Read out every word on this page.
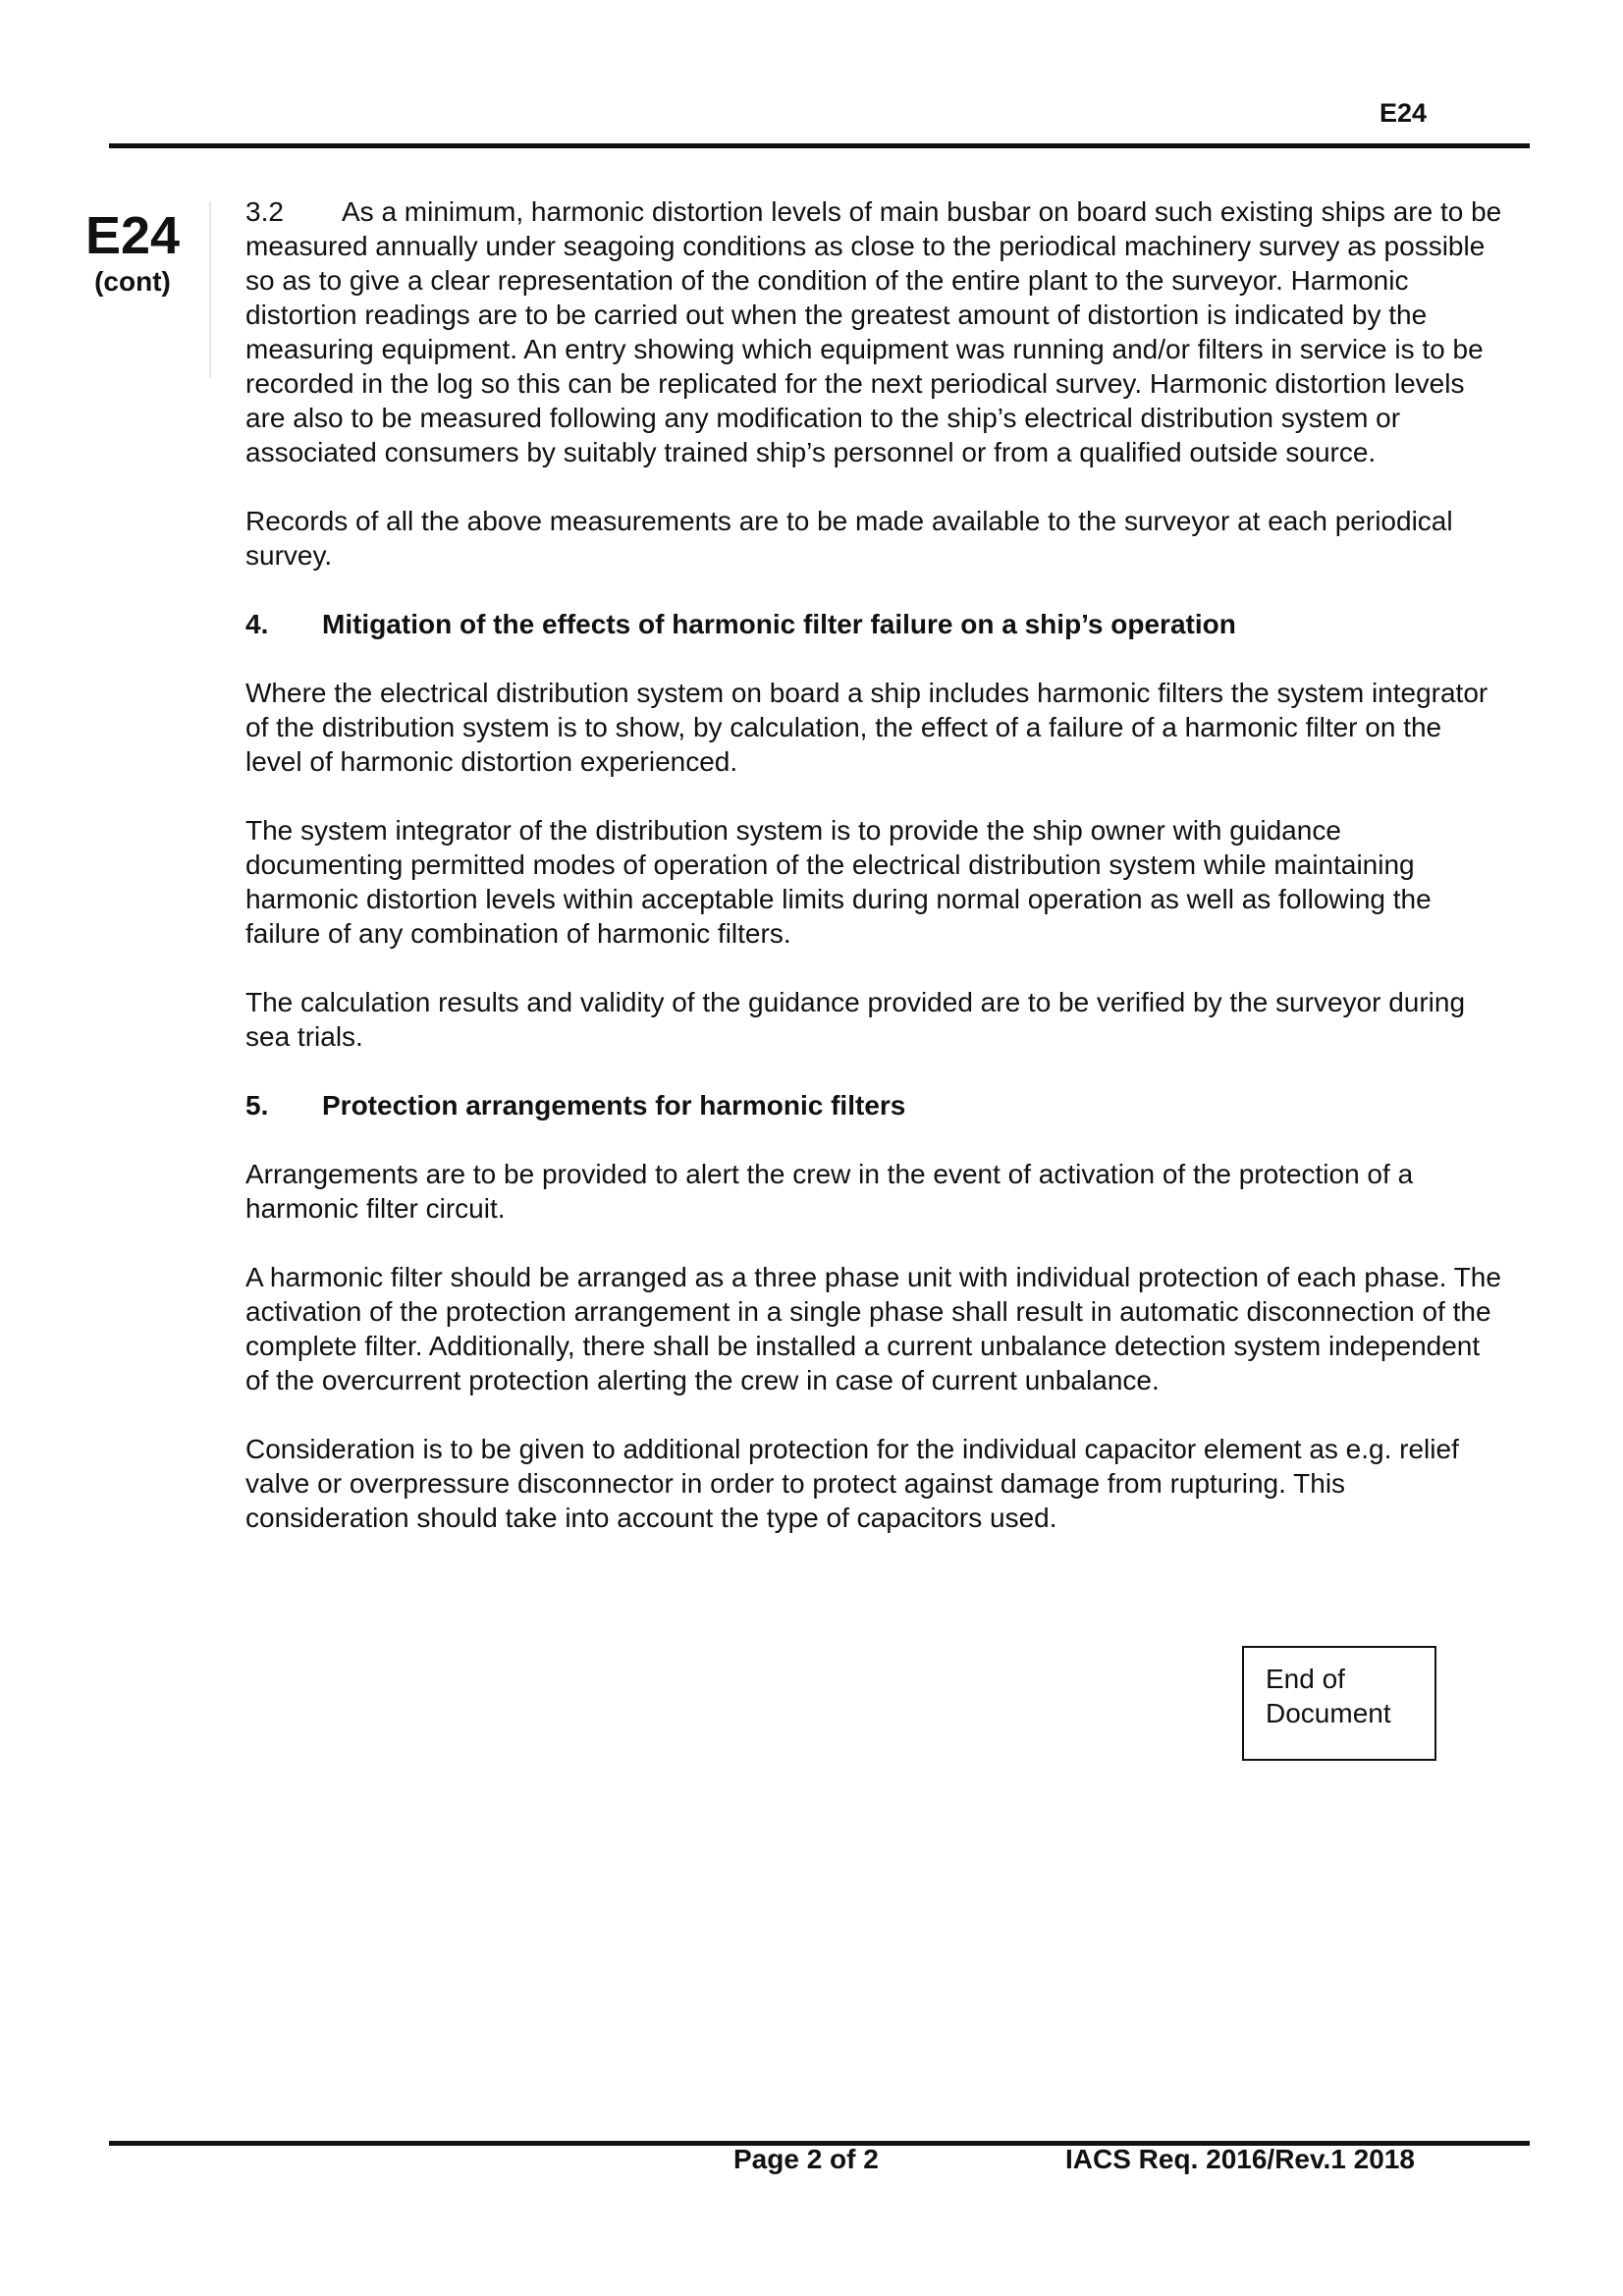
E24
E24
(cont)

3.2 As a minimum, harmonic distortion levels of main busbar on board such existing ships are to be measured annually under seagoing conditions as close to the periodical machinery survey as possible so as to give a clear representation of the condition of the entire plant to the surveyor. Harmonic distortion readings are to be carried out when the greatest amount of distortion is indicated by the measuring equipment. An entry showing which equipment was running and/or filters in service is to be recorded in the log so this can be replicated for the next periodical survey. Harmonic distortion levels are also to be measured following any modification to the ship’s electrical distribution system or associated consumers by suitably trained ship’s personnel or from a qualified outside source.

Records of all the above measurements are to be made available to the surveyor at each periodical survey.

4. Mitigation of the effects of harmonic filter failure on a ship’s operation

Where the electrical distribution system on board a ship includes harmonic filters the system integrator of the distribution system is to show, by calculation, the effect of a failure of a harmonic filter on the level of harmonic distortion experienced.

The system integrator of the distribution system is to provide the ship owner with guidance documenting permitted modes of operation of the electrical distribution system while maintaining harmonic distortion levels within acceptable limits during normal operation as well as following the failure of any combination of harmonic filters.

The calculation results and validity of the guidance provided are to be verified by the surveyor during sea trials.

5. Protection arrangements for harmonic filters

Arrangements are to be provided to alert the crew in the event of activation of the protection of a harmonic filter circuit.

A harmonic filter should be arranged as a three phase unit with individual protection of each phase. The activation of the protection arrangement in a single phase shall result in automatic disconnection of the complete filter. Additionally, there shall be installed a current unbalance detection system independent of the overcurrent protection alerting the crew in case of current unbalance.

Consideration is to be given to additional protection for the individual capacitor element as e.g. relief valve or overpressure disconnector in order to protect against damage from rupturing. This consideration should take into account the type of capacitors used.

End of
Document
Page 2 of 2	IACS Req. 2016/Rev.1 2018
